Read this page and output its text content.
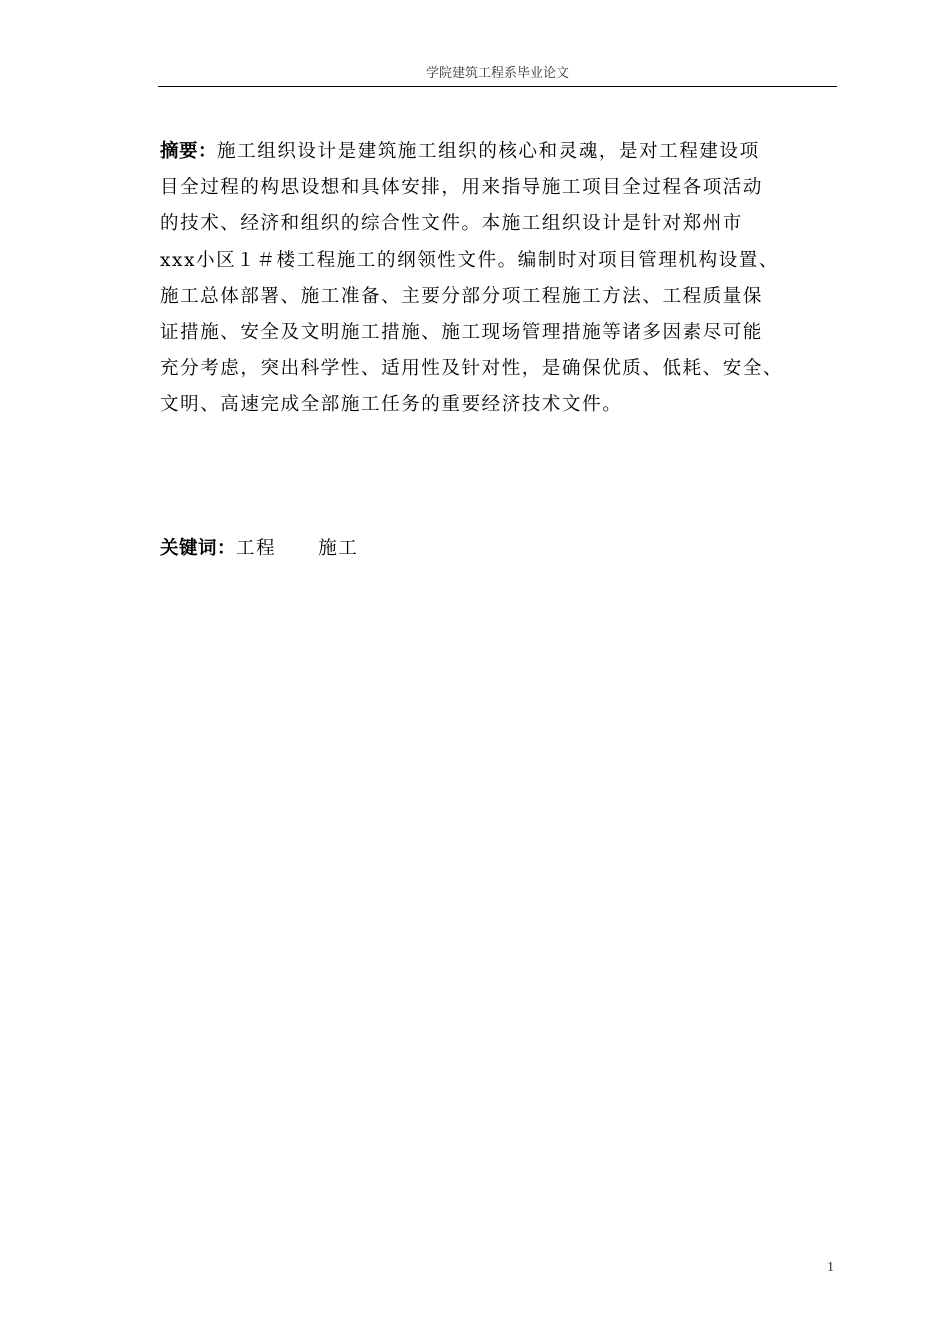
学院建筑工程系毕业论文
摘要：施工组织设计是建筑施工组织的核心和灵魂，是对工程建设项
目全过程的构思设想和具体安排，用来指导施工项目全过程各项活动
的技术、经济和组织的综合性文件。本施工组织设计是针对郑州市
xxx小区１＃楼工程施工的纲领性文件。编制时对项目管理机构设置、
施工总体部署、施工准备、主要分部分项工程施工方法、工程质量保
证措施、安全及文明施工措施、施工现场管理措施等诸多因素尽可能
充分考虑，突出科学性、适用性及针对性，是确保优质、低耗、安全、
文明、高速完成全部施工任务的重要经济技术文件。
关键词：工程 施工
1
